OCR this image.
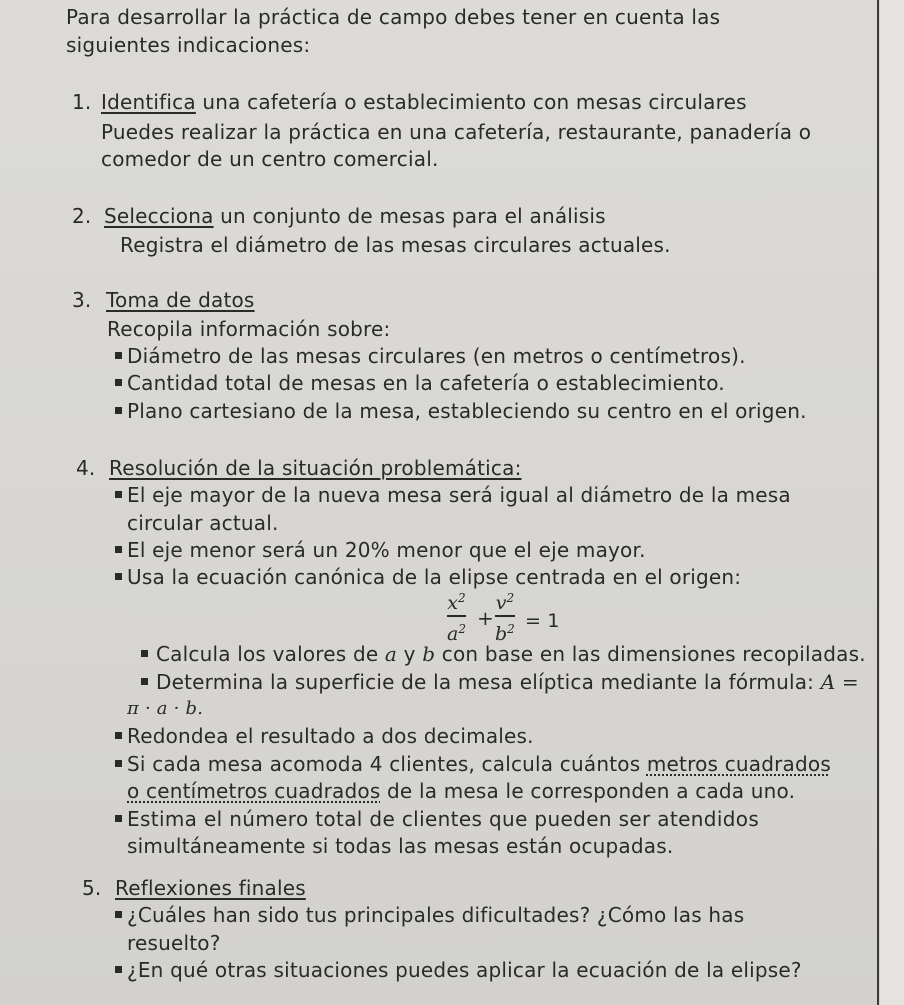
Para desarrollar la práctica de campo debes tener en cuenta las
siguientes indicaciones:
1. Identifica una cafetería o establecimiento con mesas circulares
Puedes realizar la práctica en una cafetería, restaurante, panadería o
comedor de un centro comercial.
2. Selecciona un conjunto de mesas para el análisis
Registra el diámetro de las mesas circulares actuales.
3. Toma de datos
Recopila información sobre:
Diámetro de las mesas circulares (en metros o centímetros).
Cantidad total de mesas en la cafetería o establecimiento.
Plano cartesiano de la mesa, estableciendo su centro en el origen.
4. Resolución de la situación problemática:
El eje mayor de la nueva mesa será igual al diámetro de la mesa
circular actual.
El eje menor será un 20% menor que el eje mayor.
Usa la ecuación canónica de la elipse centrada en el origen:
$x^2$
$a^2$ +
$v^2$
$b^2 = 1$
Calcula los valores de a y b con base en las dimensiones recopiladas.
Determina la superficie de la mesa elíptica mediante la fórmula: A =
π · a · b.
Redondea el resultado a dos decimales.
Si cada mesa acomoda 4 clientes, calcula cuántos metros cuadrados
o centímetros cuadrados de la mesa le corresponden a cada uno.
Estima el número total de clientes que pueden ser atendidos
simultáneamente si todas las mesas están ocupadas.
5. Reflexiones finales
¿Cuáles han sido tus principales dificultades? ¿Cómo las has
resuelto?
¿En qué otras situaciones puedes aplicar la ecuación de la elipse?
